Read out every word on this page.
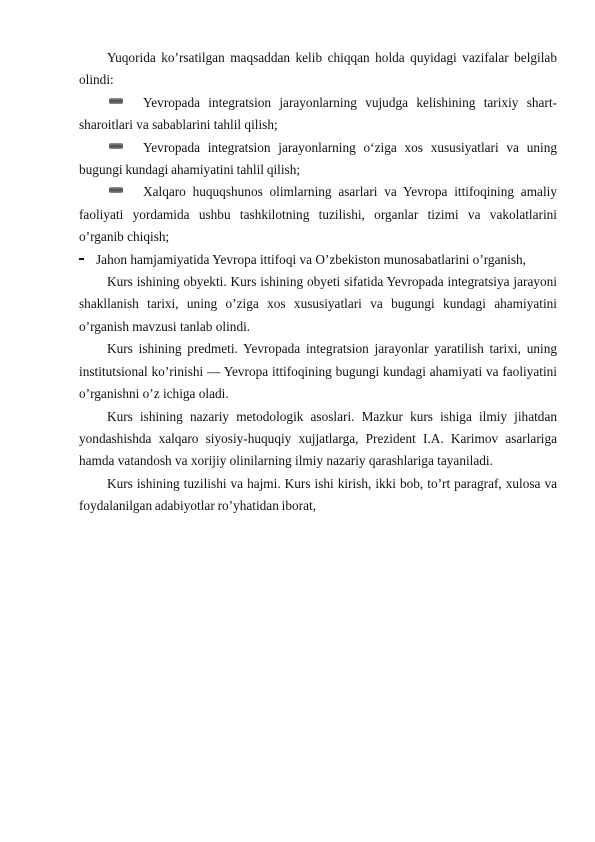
Yuqorida ko’rsatilgan maqsaddan kelib chiqqan holda quyidagi vazifalar belgilab olindi:

Yevropada integratsion jarayonlarning vujudga kelishining tarixiy shart-sharoitlari va sabablarini tahlil qilish;

Yevropada integratsion jarayonlarning oʻziga xos xususiyatlari va uning bugungi kundagi ahamiyatini tahlil qilish;

Xalqaro huquqshunos olimlarning asarlari va Yevropa ittifoqining amaliy faoliyati yordamida ushbu tashkilotning tuzilishi, organlar tizimi va vakolatlarini o’rganib chiqish;

Jahon hamjamiyatida Yevropa ittifoqi va O’zbekiston munosabatlarini o’rganish,

Kurs ishining obyekti. Kurs ishining obyeti sifatida Yevropada integratsiya jarayoni shakllanish tarixi, uning o’ziga xos xususiyatlari va bugungi kundagi ahamiyatini o’rganish mavzusi tanlab olindi.

Kurs ishining predmeti. Yevropada integratsion jarayonlar yaratilish tarixi, uning institutsional ko’rinishi — Yevropa ittifoqining bugungi kundagi ahamiyati va faoliyatini o’rganishni o’z ichiga oladi.

Kurs ishining nazariy metodologik asoslari. Mazkur kurs ishiga ilmiy jihatdan yondashishda xalqaro siyosiy-huquqiy xujjatlarga, Prezident I.A. Karimov asarlariga hamda vatandosh va xorijiy olinilarning ilmiy nazariy qarashlariga tayaniladi.

Kurs ishining tuzilishi va hajmi. Kurs ishi kirish, ikki bob, to’rt paragraf, xulosa va foydalanilgan adabiyotlar ro’yhatidan iborat,
